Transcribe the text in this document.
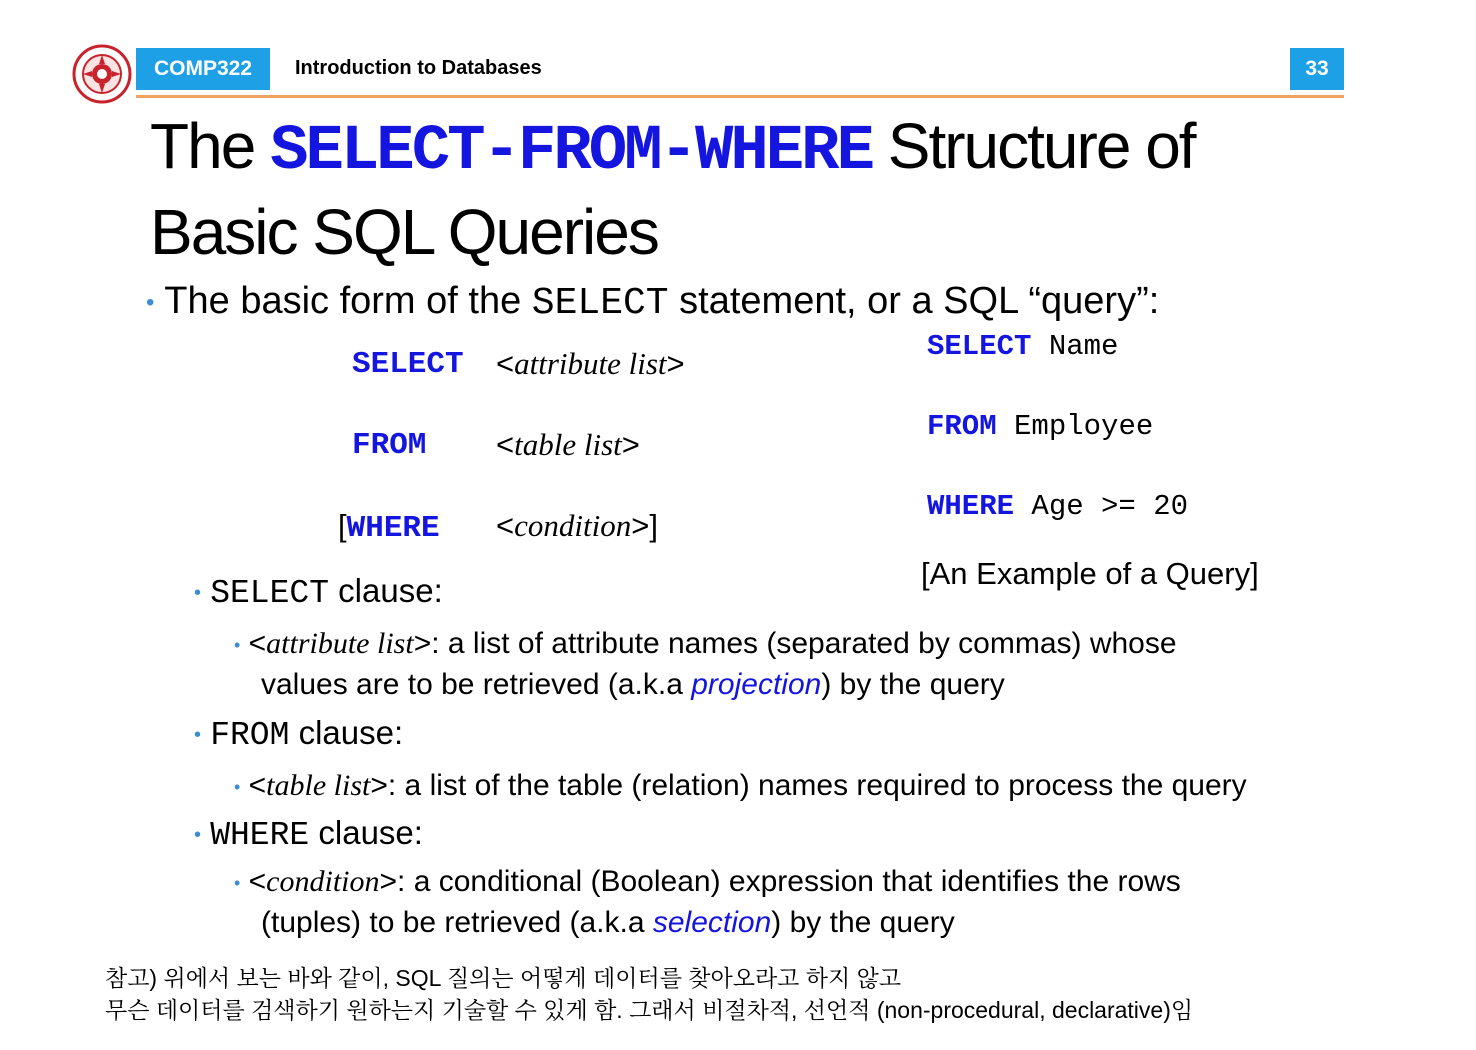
COMP322	Introduction to Databases	33
The SELECT-FROM-WHERE Structure of
Basic SQL Queries
• The basic form of the SELECT statement, or a SQL “query”:
SELECT <attribute list>
FROM <table list>
[WHERE <condition>]
SELECT Name
FROM Employee
WHERE Age >= 20
[An Example of a Query]
• SELECT clause:
• <attribute list>: a list of attribute names (separated by commas) whose
values are to be retrieved (a.k.a projection) by the query
• FROM clause:
• <table list>: a list of the table (relation) names required to process the query
• WHERE clause:
• <condition>: a conditional (Boolean) expression that identifies the rows
(tuples) to be retrieved (a.k.a selection) by the query
참고) 위에서 보는 바와 같이, SQL 질의는 어떻게 데이터를 찾아오라고 하지 않고
무슨 데이터를 검색하기 원하는지 기술할 수 있게 함. 그래서 비절차적, 선언적 (non-procedural, declarative)임
